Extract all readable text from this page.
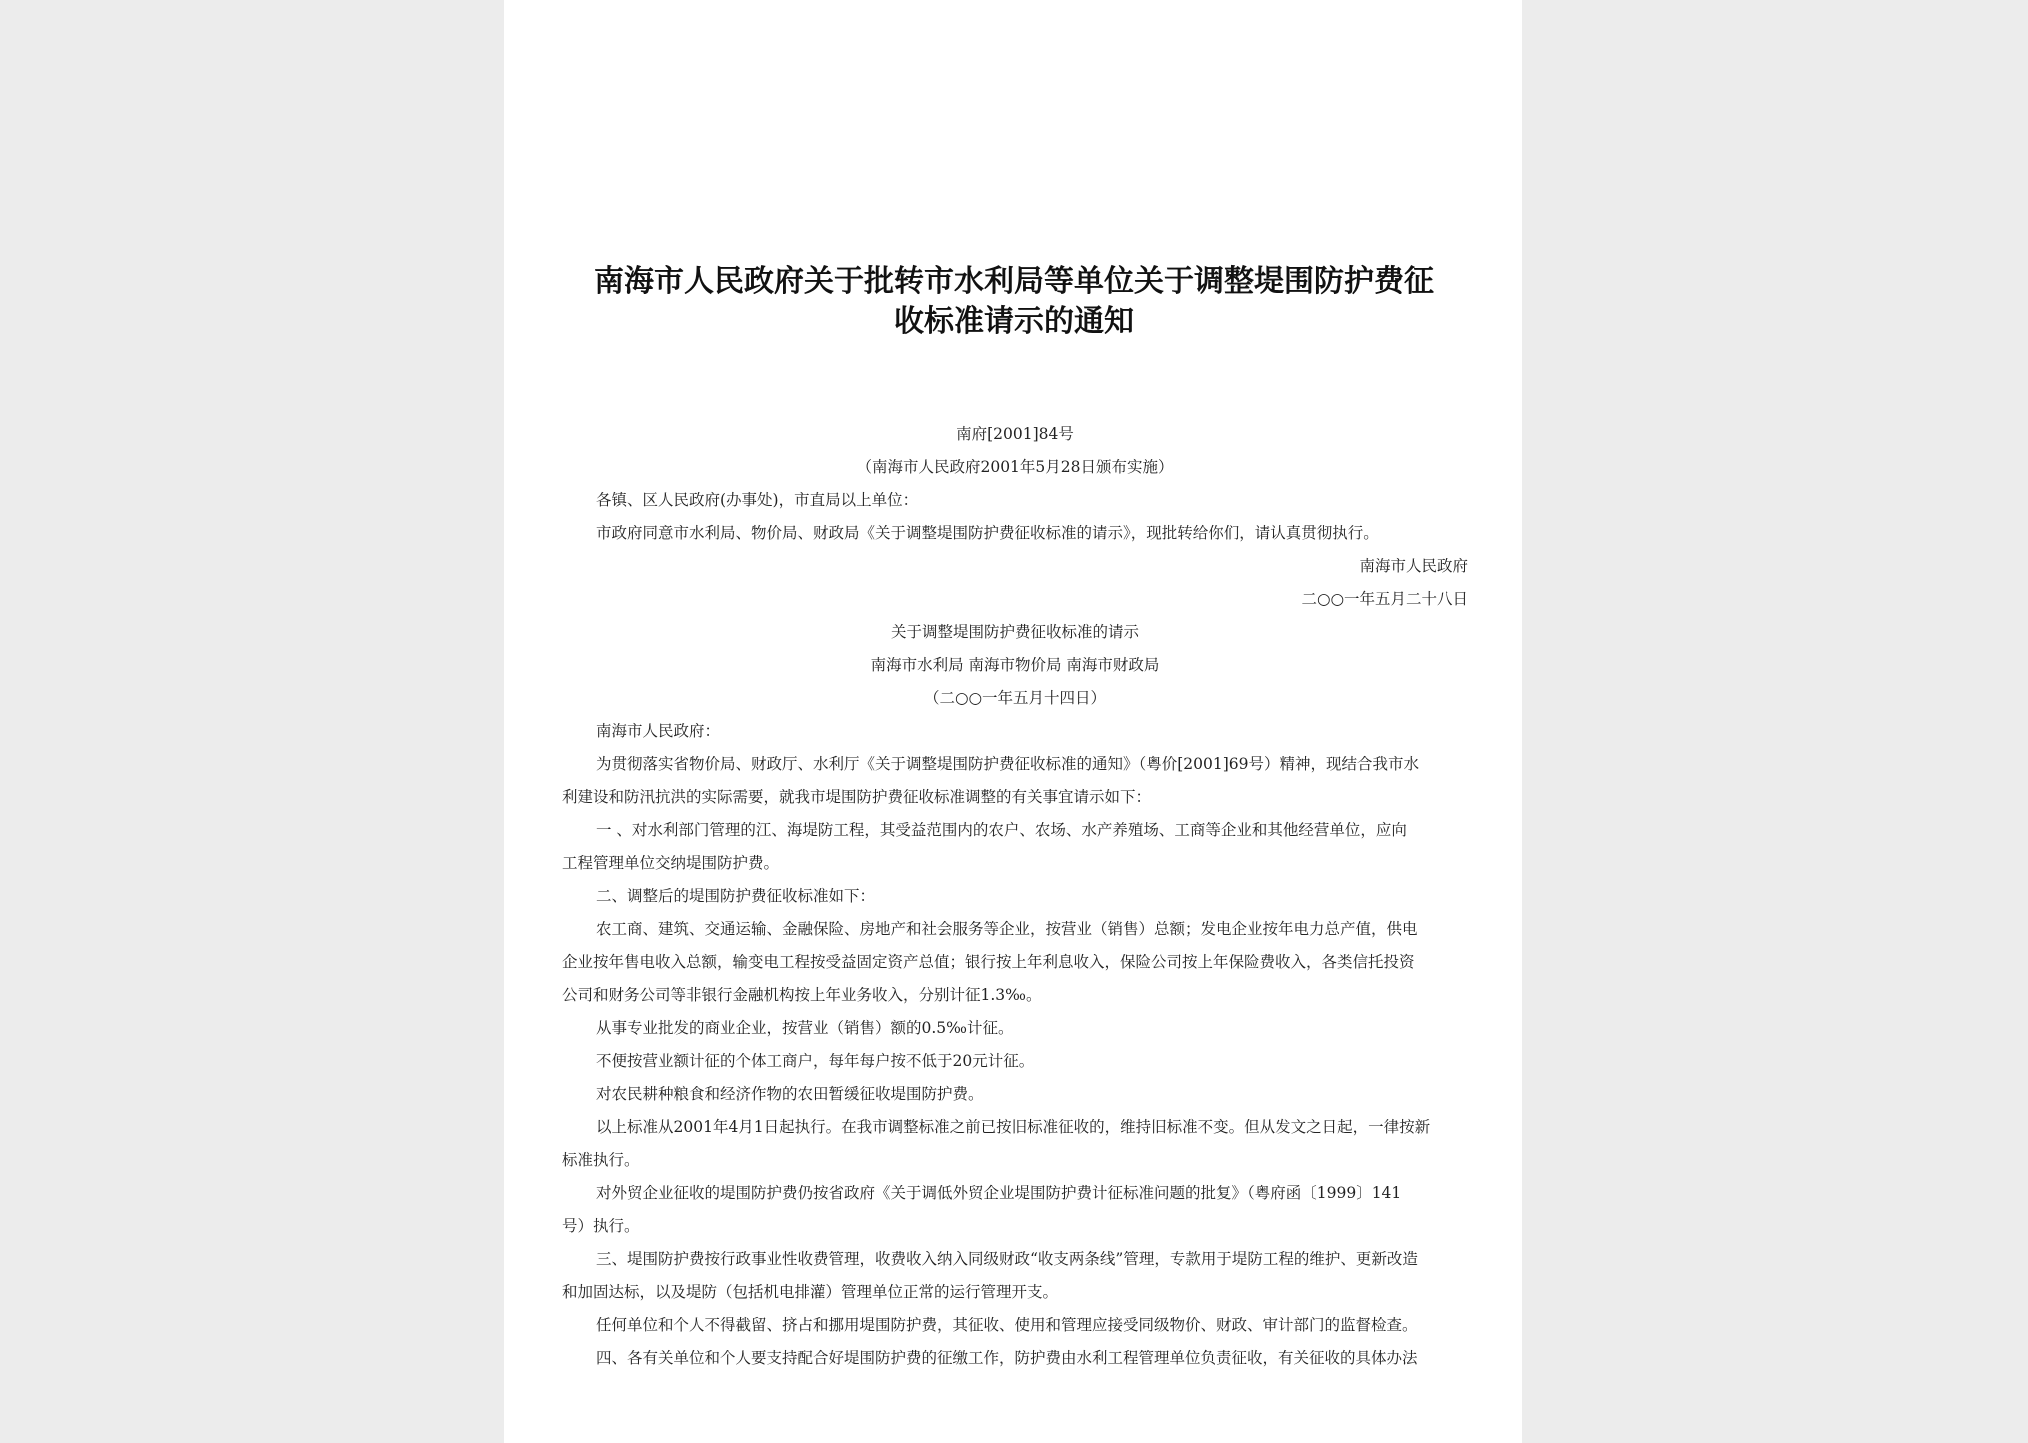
南海市人民政府关于批转市水利局等单位关于调整堤围防护费征收标准请示的通知
南府[2001]84号
（南海市人民政府2001年5月28日颁布实施）
各镇、区人民政府(办事处)，市直局以上单位：
市政府同意市水利局、物价局、财政局《关于调整堤围防护费征收标准的请示》，现批转给你们，请认真贯彻执行。
南海市人民政府
二○○一年五月二十八日
关于调整堤围防护费征收标准的请示
南海市水利局 南海市物价局 南海市财政局
（二○○一年五月十四日）
南海市人民政府：
为贯彻落实省物价局、财政厅、水利厅《关于调整堤围防护费征收标准的通知》（粤价[2001]69号）精神，现结合我市水
利建设和防汛抗洪的实际需要，就我市堤围防护费征收标准调整的有关事宜请示如下：
一 、对水利部门管理的江、海堤防工程，其受益范围内的农户、农场、水产养殖场、工商等企业和其他经营单位，应向
工程管理单位交纳堤围防护费。
二、调整后的堤围防护费征收标准如下：
农工商、建筑、交通运输、金融保险、房地产和社会服务等企业，按营业（销售）总额；发电企业按年电力总产值，供电
企业按年售电收入总额，输变电工程按受益固定资产总值；银行按上年利息收入，保险公司按上年保险费收入，各类信托投资
公司和财务公司等非银行金融机构按上年业务收入，分别计征1.3‰。
从事专业批发的商业企业，按营业（销售）额的0.5‰计征。
不便按营业额计征的个体工商户，每年每户按不低于20元计征。
对农民耕种粮食和经济作物的农田暂缓征收堤围防护费。
以上标准从2001年4月1日起执行。在我市调整标准之前已按旧标准征收的，维持旧标准不变。但从发文之日起，一律按新
标准执行。
对外贸企业征收的堤围防护费仍按省政府《关于调低外贸企业堤围防护费计征标准问题的批复》（粤府函〔1999〕141
号）执行。
三、堤围防护费按行政事业性收费管理，收费收入纳入同级财政“收支两条线”管理，专款用于堤防工程的维护、更新改造
和加固达标，以及堤防（包括机电排灌）管理单位正常的运行管理开支。
任何单位和个人不得截留、挤占和挪用堤围防护费，其征收、使用和管理应接受同级物价、财政、审计部门的监督检查。
四、各有关单位和个人要支持配合好堤围防护费的征缴工作，防护费由水利工程管理单位负责征收，有关征收的具体办法
